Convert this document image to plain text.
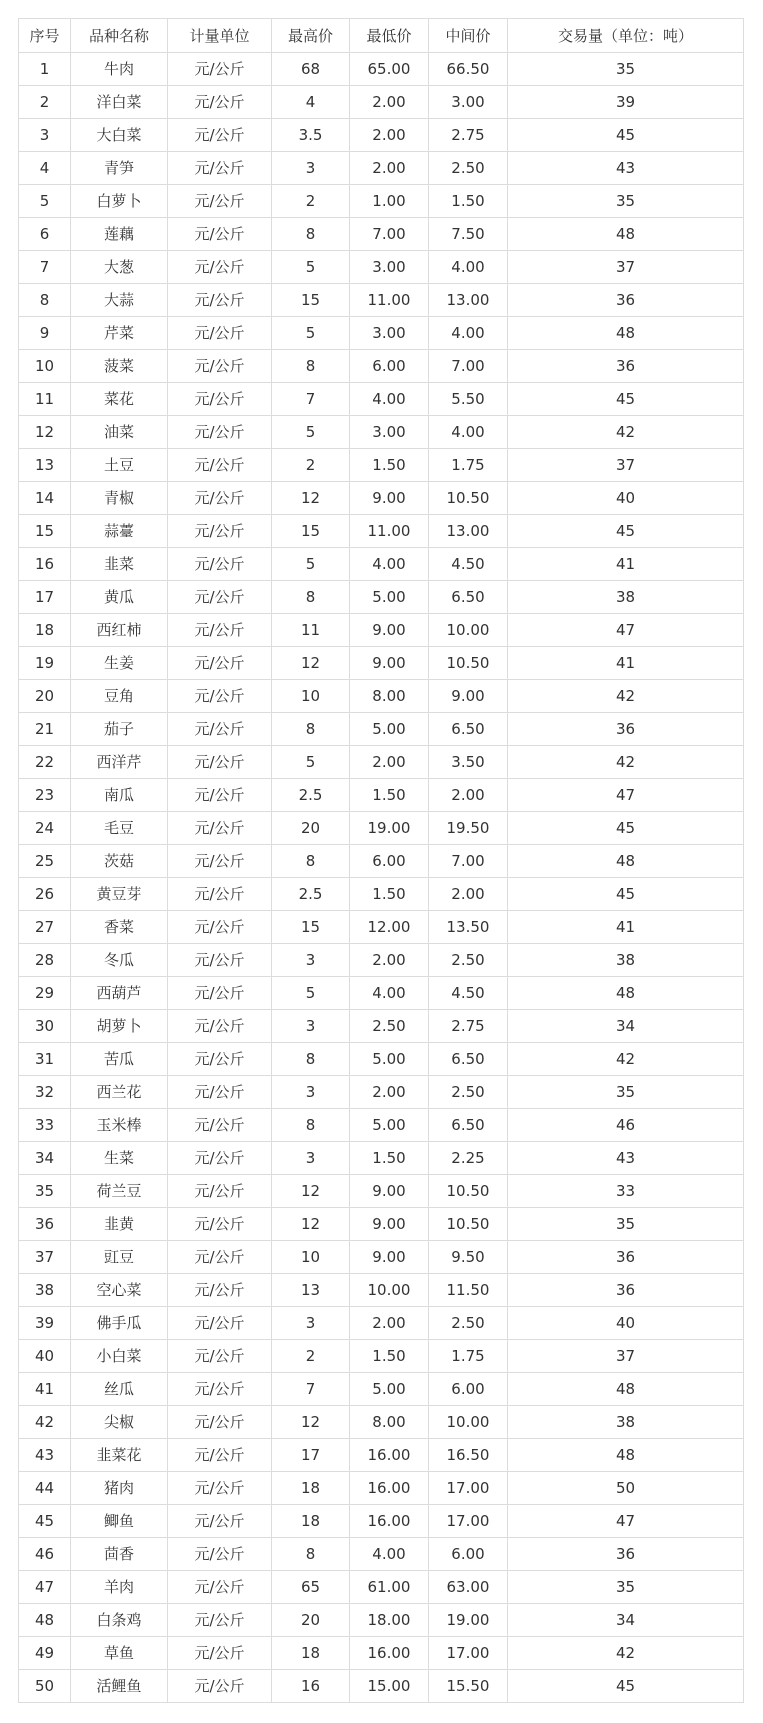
序号	品种名称	计量单位	最高价	最低价	中间价	交易量（单位：吨）
1	牛肉	元/公斤	68	65.00	66.50	35
2	洋白菜	元/公斤	4	2.00	3.00	39
3	大白菜	元/公斤	3.5	2.00	2.75	45
4	青笋	元/公斤	3	2.00	2.50	43
5	白萝卜	元/公斤	2	1.00	1.50	35
6	莲藕	元/公斤	8	7.00	7.50	48
7	大葱	元/公斤	5	3.00	4.00	37
8	大蒜	元/公斤	15	11.00	13.00	36
9	芹菜	元/公斤	5	3.00	4.00	48
10	菠菜	元/公斤	8	6.00	7.00	36
11	菜花	元/公斤	7	4.00	5.50	45
12	油菜	元/公斤	5	3.00	4.00	42
13	土豆	元/公斤	2	1.50	1.75	37
14	青椒	元/公斤	12	9.00	10.50	40
15	蒜薹	元/公斤	15	11.00	13.00	45
16	韭菜	元/公斤	5	4.00	4.50	41
17	黄瓜	元/公斤	8	5.00	6.50	38
18	西红柿	元/公斤	11	9.00	10.00	47
19	生姜	元/公斤	12	9.00	10.50	41
20	豆角	元/公斤	10	8.00	9.00	42
21	茄子	元/公斤	8	5.00	6.50	36
22	西洋芹	元/公斤	5	2.00	3.50	42
23	南瓜	元/公斤	2.5	1.50	2.00	47
24	毛豆	元/公斤	20	19.00	19.50	45
25	茨菇	元/公斤	8	6.00	7.00	48
26	黄豆芽	元/公斤	2.5	1.50	2.00	45
27	香菜	元/公斤	15	12.00	13.50	41
28	冬瓜	元/公斤	3	2.00	2.50	38
29	西葫芦	元/公斤	5	4.00	4.50	48
30	胡萝卜	元/公斤	3	2.50	2.75	34
31	苦瓜	元/公斤	8	5.00	6.50	42
32	西兰花	元/公斤	3	2.00	2.50	35
33	玉米棒	元/公斤	8	5.00	6.50	46
34	生菜	元/公斤	3	1.50	2.25	43
35	荷兰豆	元/公斤	12	9.00	10.50	33
36	韭黄	元/公斤	12	9.00	10.50	35
37	豇豆	元/公斤	10	9.00	9.50	36
38	空心菜	元/公斤	13	10.00	11.50	36
39	佛手瓜	元/公斤	3	2.00	2.50	40
40	小白菜	元/公斤	2	1.50	1.75	37
41	丝瓜	元/公斤	7	5.00	6.00	48
42	尖椒	元/公斤	12	8.00	10.00	38
43	韭菜花	元/公斤	17	16.00	16.50	48
44	猪肉	元/公斤	18	16.00	17.00	50
45	鲫鱼	元/公斤	18	16.00	17.00	47
46	茴香	元/公斤	8	4.00	6.00	36
47	羊肉	元/公斤	65	61.00	63.00	35
48	白条鸡	元/公斤	20	18.00	19.00	34
49	草鱼	元/公斤	18	16.00	17.00	42
50	活鲤鱼	元/公斤	16	15.00	15.50	45
